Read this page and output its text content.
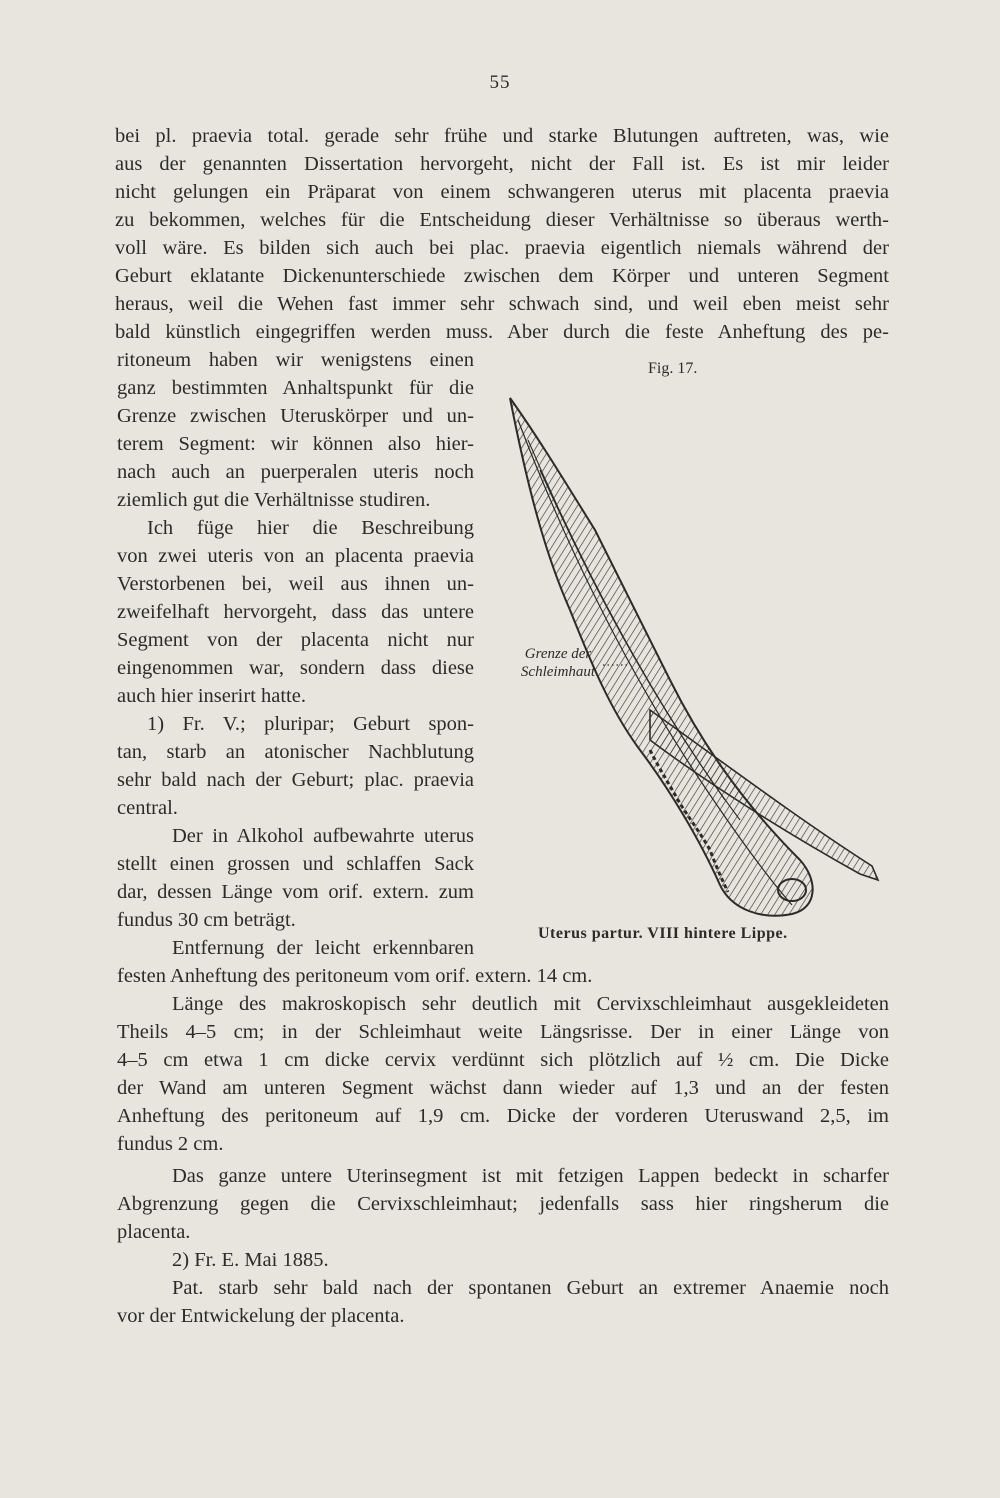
55
bei pl. praevia total. gerade sehr frühe und starke Blutungen auftreten, was, wie
aus der genannten Dissertation hervorgeht, nicht der Fall ist. Es ist mir leider
nicht gelungen ein Präparat von einem schwangeren uterus mit placenta praevia
zu bekommen, welches für die Entscheidung dieser Verhältnisse so überaus werth-
voll wäre. Es bilden sich auch bei plac. praevia eigentlich niemals während der
Geburt eklatante Dickenunterschiede zwischen dem Körper und unteren Segment
heraus, weil die Wehen fast immer sehr schwach sind, und weil eben meist sehr
bald künstlich eingegriffen werden muss. Aber durch die feste Anheftung des pe-
ritoneum haben wir wenigstens einen
ganz bestimmten Anhaltspunkt für die
Grenze zwischen Uteruskörper und un-
terem Segment: wir können also hier-
nach auch an puerperalen uteris noch
ziemlich gut die Verhältnisse studiren.
Ich füge hier die Beschreibung
von zwei uteris von an placenta praevia
Verstorbenen bei, weil aus ihnen un-
zweifelhaft hervorgeht, dass das untere
Segment von der placenta nicht nur
eingenommen war, sondern dass diese
auch hier inserirt hatte.
1) Fr. V.; pluripar; Geburt spon-
tan, starb an atonischer Nachblutung
sehr bald nach der Geburt; plac. praevia
central.
Der in Alkohol aufbewahrte uterus
stellt einen grossen und schlaffen Sack
dar, dessen Länge vom orif. extern. zum
fundus 30 cm beträgt.
Entfernung der leicht erkennbaren
festen Anheftung des peritoneum vom orif. extern. 14 cm.
Länge des makroskopisch sehr deutlich mit Cervixschleimhaut ausgekleideten
Theils 4–5 cm; in der Schleimhaut weite Längsrisse. Der in einer Länge von
4–5 cm etwa 1 cm dicke cervix verdünnt sich plötzlich auf ½ cm. Die Dicke
der Wand am unteren Segment wächst dann wieder auf 1,3 und an der festen
Anheftung des peritoneum auf 1,9 cm. Dicke der vorderen Uteruswand 2,5, im
fundus 2 cm.
Das ganze untere Uterinsegment ist mit fetzigen Lappen bedeckt in scharfer
Abgrenzung gegen die Cervixschleimhaut; jedenfalls sass hier ringsherum die
placenta.
2) Fr. E. Mai 1885.
Pat. starb sehr bald nach der spontanen Geburt an extremer Anaemie noch
vor der Entwickelung der placenta.
Fig. 17.
Grenze der
Schleimhaut
Uterus partur. VIII hintere Lippe.
